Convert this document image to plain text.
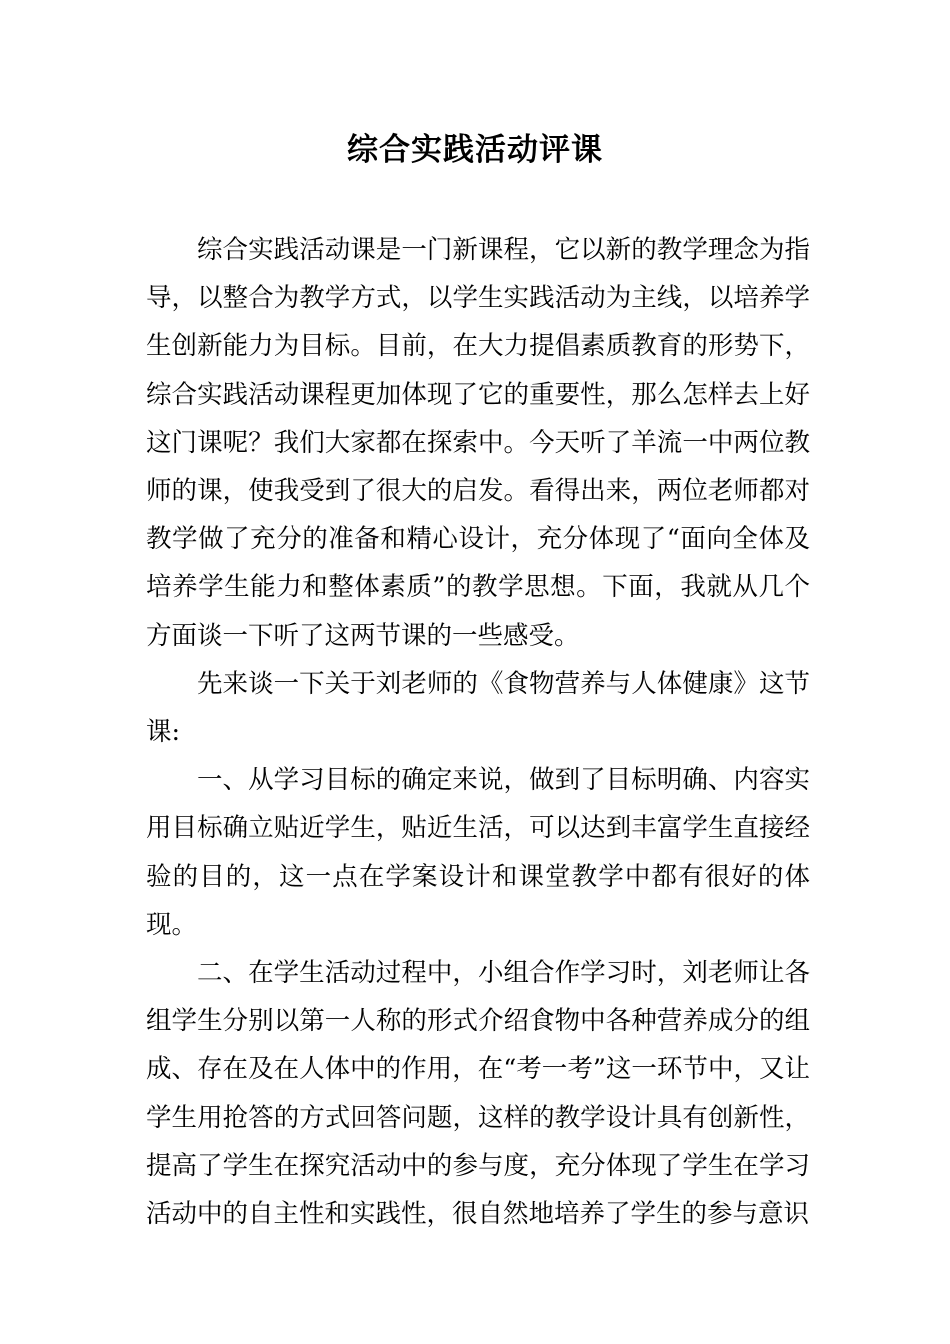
综合实践活动评课

综合实践活动课是一门新课程，它以新的教学理念为指导，以整合为教学方式，以学生实践活动为主线，以培养学生创新能力为目标。目前，在大力提倡素质教育的形势下，综合实践活动课程更加体现了它的重要性，那么怎样去上好这门课呢？我们大家都在探索中。今天听了羊流一中两位教师的课，使我受到了很大的启发。看得出来，两位老师都对教学做了充分的准备和精心设计，充分体现了“面向全体及培养学生能力和整体素质”的教学思想。下面，我就从几个方面谈一下听了这两节课的一些感受。

先来谈一下关于刘老师的《食物营养与人体健康》这节课:

一、从学习目标的确定来说，做到了目标明确、内容实用目标确立贴近学生，贴近生活，可以达到丰富学生直接经验的目的，这一点在学案设计和课堂教学中都有很好的体现。

二、在学生活动过程中，小组合作学习时，刘老师让各组学生分别以第一人称的形式介绍食物中各种营养成分的组成、存在及在人体中的作用，在“考一考”这一环节中，又让学生用抢答的方式回答问题，这样的教学设计具有创新性，提高了学生在探究活动中的参与度，充分体现了学生在学习活动中的自主性和实践性，很自然地培养了学生的参与意识
